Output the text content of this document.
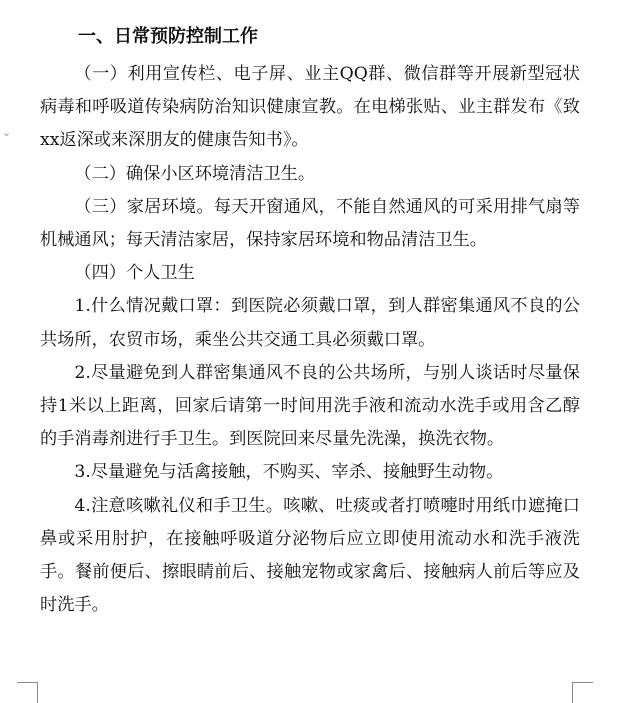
⌄
一、日常预防控制工作

（一）利用宣传栏、电子屏、业主QQ群、微信群等开展新型冠状病毒和呼吸道传染病防治知识健康宣教。在电梯张贴、业主群发布《致xx返深或来深朋友的健康告知书》。

（二）确保小区环境清洁卫生。

（三）家居环境。每天开窗通风，不能自然通风的可采用排气扇等机械通风；每天清洁家居，保持家居环境和物品清洁卫生。

（四）个人卫生

1.什么情况戴口罩：到医院必须戴口罩，到人群密集通风不良的公共场所，农贸市场，乘坐公共交通工具必须戴口罩。

2.尽量避免到人群密集通风不良的公共场所，与别人谈话时尽量保持1米以上距离，回家后请第一时间用洗手液和流动水洗手或用含乙醇的手消毒剂进行手卫生。到医院回来尽量先洗澡，换洗衣物。

3.尽量避免与活禽接触，不购买、宰杀、接触野生动物。

4.注意咳嗽礼仪和手卫生。咳嗽、吐痰或者打喷嚏时用纸巾遮掩口鼻或采用肘护，在接触呼吸道分泌物后应立即使用流动水和洗手液洗手。餐前便后、擦眼睛前后、接触宠物或家禽后、接触病人前后等应及时洗手。
